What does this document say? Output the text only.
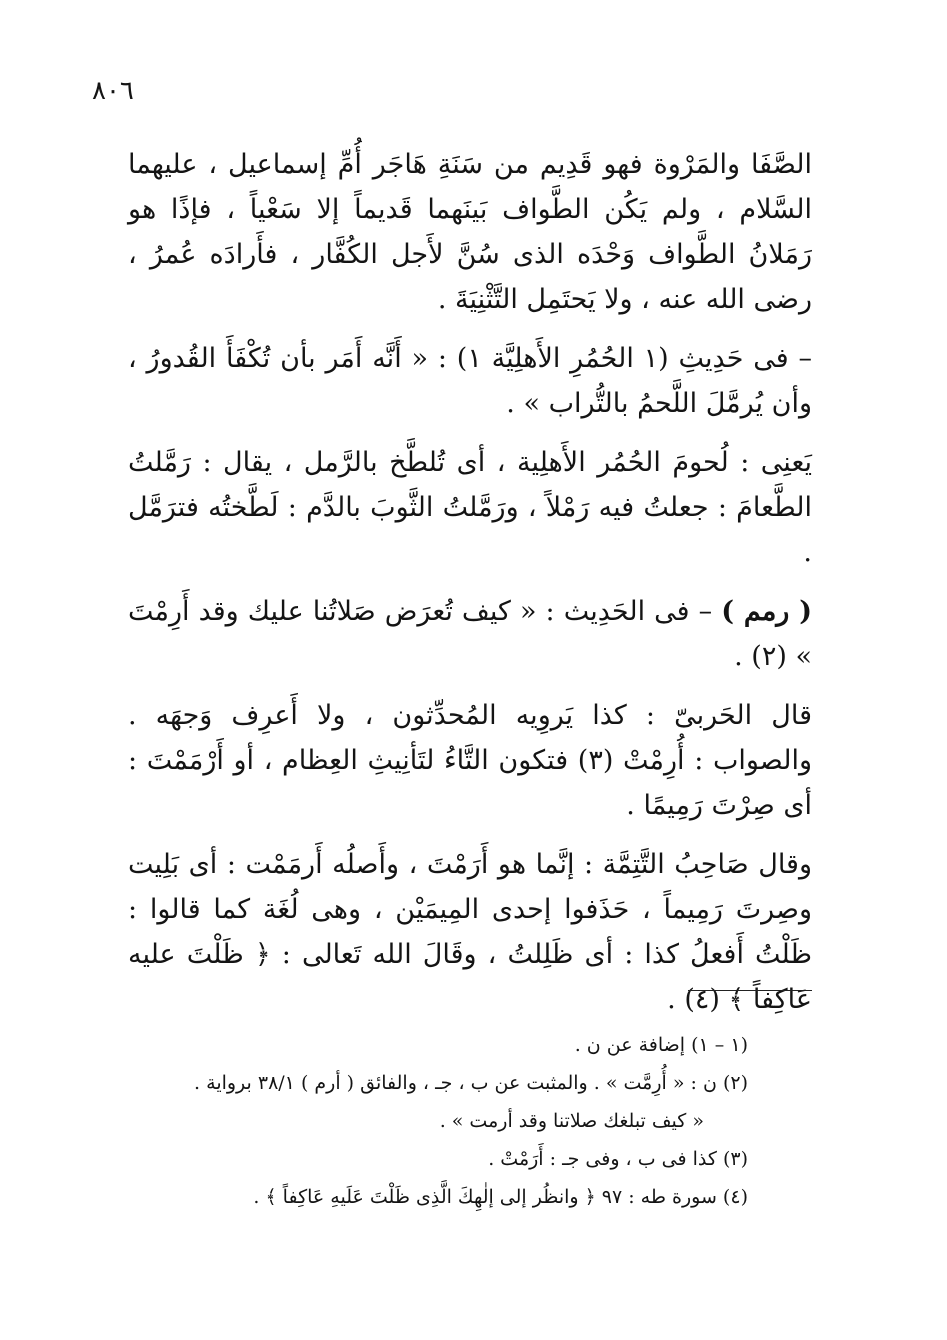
٨٠٦

الصَّفَا والمَرْوة فهو قَدِيم من سَنَةِ هَاجَر أُمِّ إسماعيل ، عليهما السَّلام ، ولم يَكُن الطَّواف بَينَهما قَديماً إلا سَعْياً ، فإذًا هو رَمَلانُ الطَّواف وَحْدَه الذى سُنَّ لأَجل الكُفَّار ، فأَرادَه عُمرُ ، رضى الله عنه ، ولا يَحتَمِل التَّثْنِيَةَ .

– فى حَدِيثِ (١ الحُمُرِ الأَهلِيَّة ١) : « أَنَّه أَمَر بأن تُكْفَأَ القُدورُ ، وأن يُرمَّلَ اللَّحمُ بالتُّراب » .

يَعنِى : لُحومَ الحُمُر الأَهلِية ، أى تُلطَّخ بالرَّمل ، يقال : رَمَّلتُ الطَّعامَ : جعلتُ فيه رَمْلاً ، ورَمَّلتُ الثَّوبَ بالدَّم : لَطَّختُه فترَمَّل .

( رمم ) – فى الحَدِيث : « كيف تُعرَض صَلاتُنا عليك وقد أَرِمْتَ » (٢) .

قال الحَربىّ : كذا يَروِيه المُحدِّثون ، ولا أَعرِف وَجهَه . والصواب : أُرِمْتْ (٣) فتكون التَّاءُ لتَأنِيثِ العِظام ، أو أَرْمَمْتَ : أى صِرْتَ رَمِيمًا .

وقال صَاحِبُ التَّتِمَّة : إنَّما هو أَرَمْتَ ، وأَصلُه أَرمَمْت : أى بَلِيت وصِرتَ رَمِيماً ، حَذَفوا إحدى المِيمَيْن ، وهى لُغَة كما قالوا : ظَلْتُ أَفعلُ كذا : أى ظَلِلتُ ، وقَالَ الله تَعالى : ﴿ ظَلْتَ عليه عَاكِفاً ﴾ (٤) .

(١ – ١) إضافة عن ن .
(٢) ن : « أُرِمَّت » . والمثبت عن ب ، جـ ، والفائق ( أرم ) ٣٨/١ برواية .
« كيف تبلغك صلاتنا وقد أرمت » .
(٣) كذا فى ب ، وفى جـ : أَرَمْتْ .
(٤) سورة طه : ٩٧ ﴿ وانظُر إلى إلٰهِكَ الَّذِى ظَلْتَ عَلَيهِ عَاكِفاً ﴾ .
